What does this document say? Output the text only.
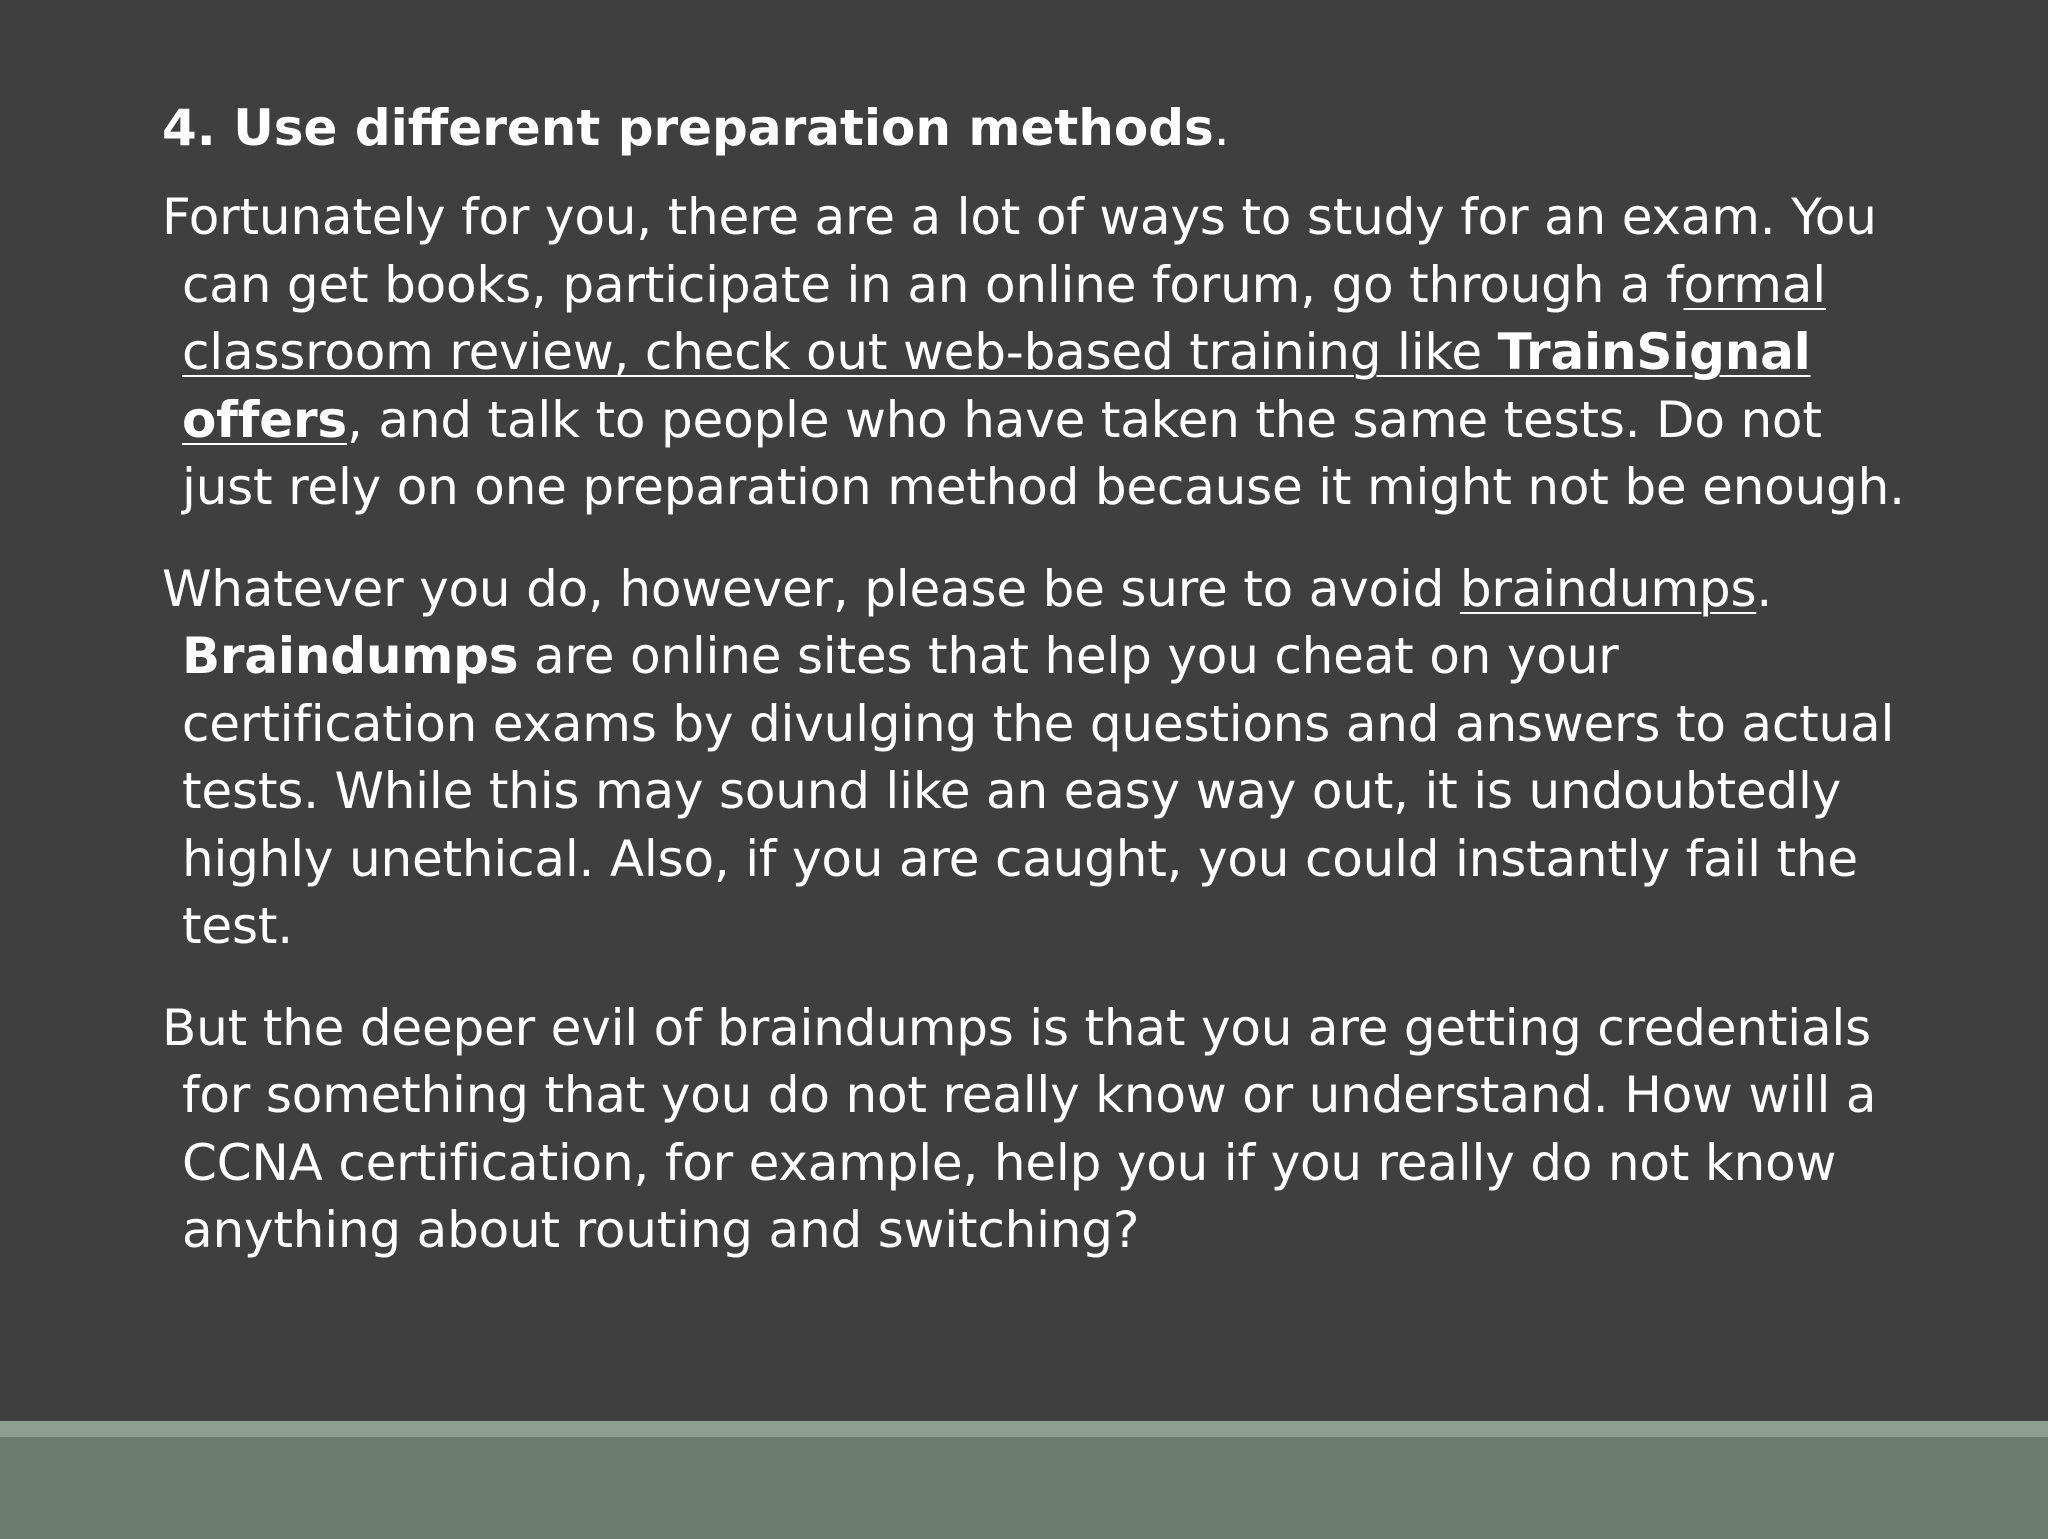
4. Use different preparation methods.

Fortunately for you, there are a lot of ways to study for an exam. You can get books, participate in an online forum, go through a formal classroom review, check out web-based training like TrainSignal offers, and talk to people who have taken the same tests. Do not just rely on one preparation method because it might not be enough.

Whatever you do, however, please be sure to avoid braindumps. Braindumps are online sites that help you cheat on your certification exams by divulging the questions and answers to actual tests. While this may sound like an easy way out, it is undoubtedly highly unethical. Also, if you are caught, you could instantly fail the test.

But the deeper evil of braindumps is that you are getting credentials for something that you do not really know or understand. How will a CCNA certification, for example, help you if you really do not know anything about routing and switching?
